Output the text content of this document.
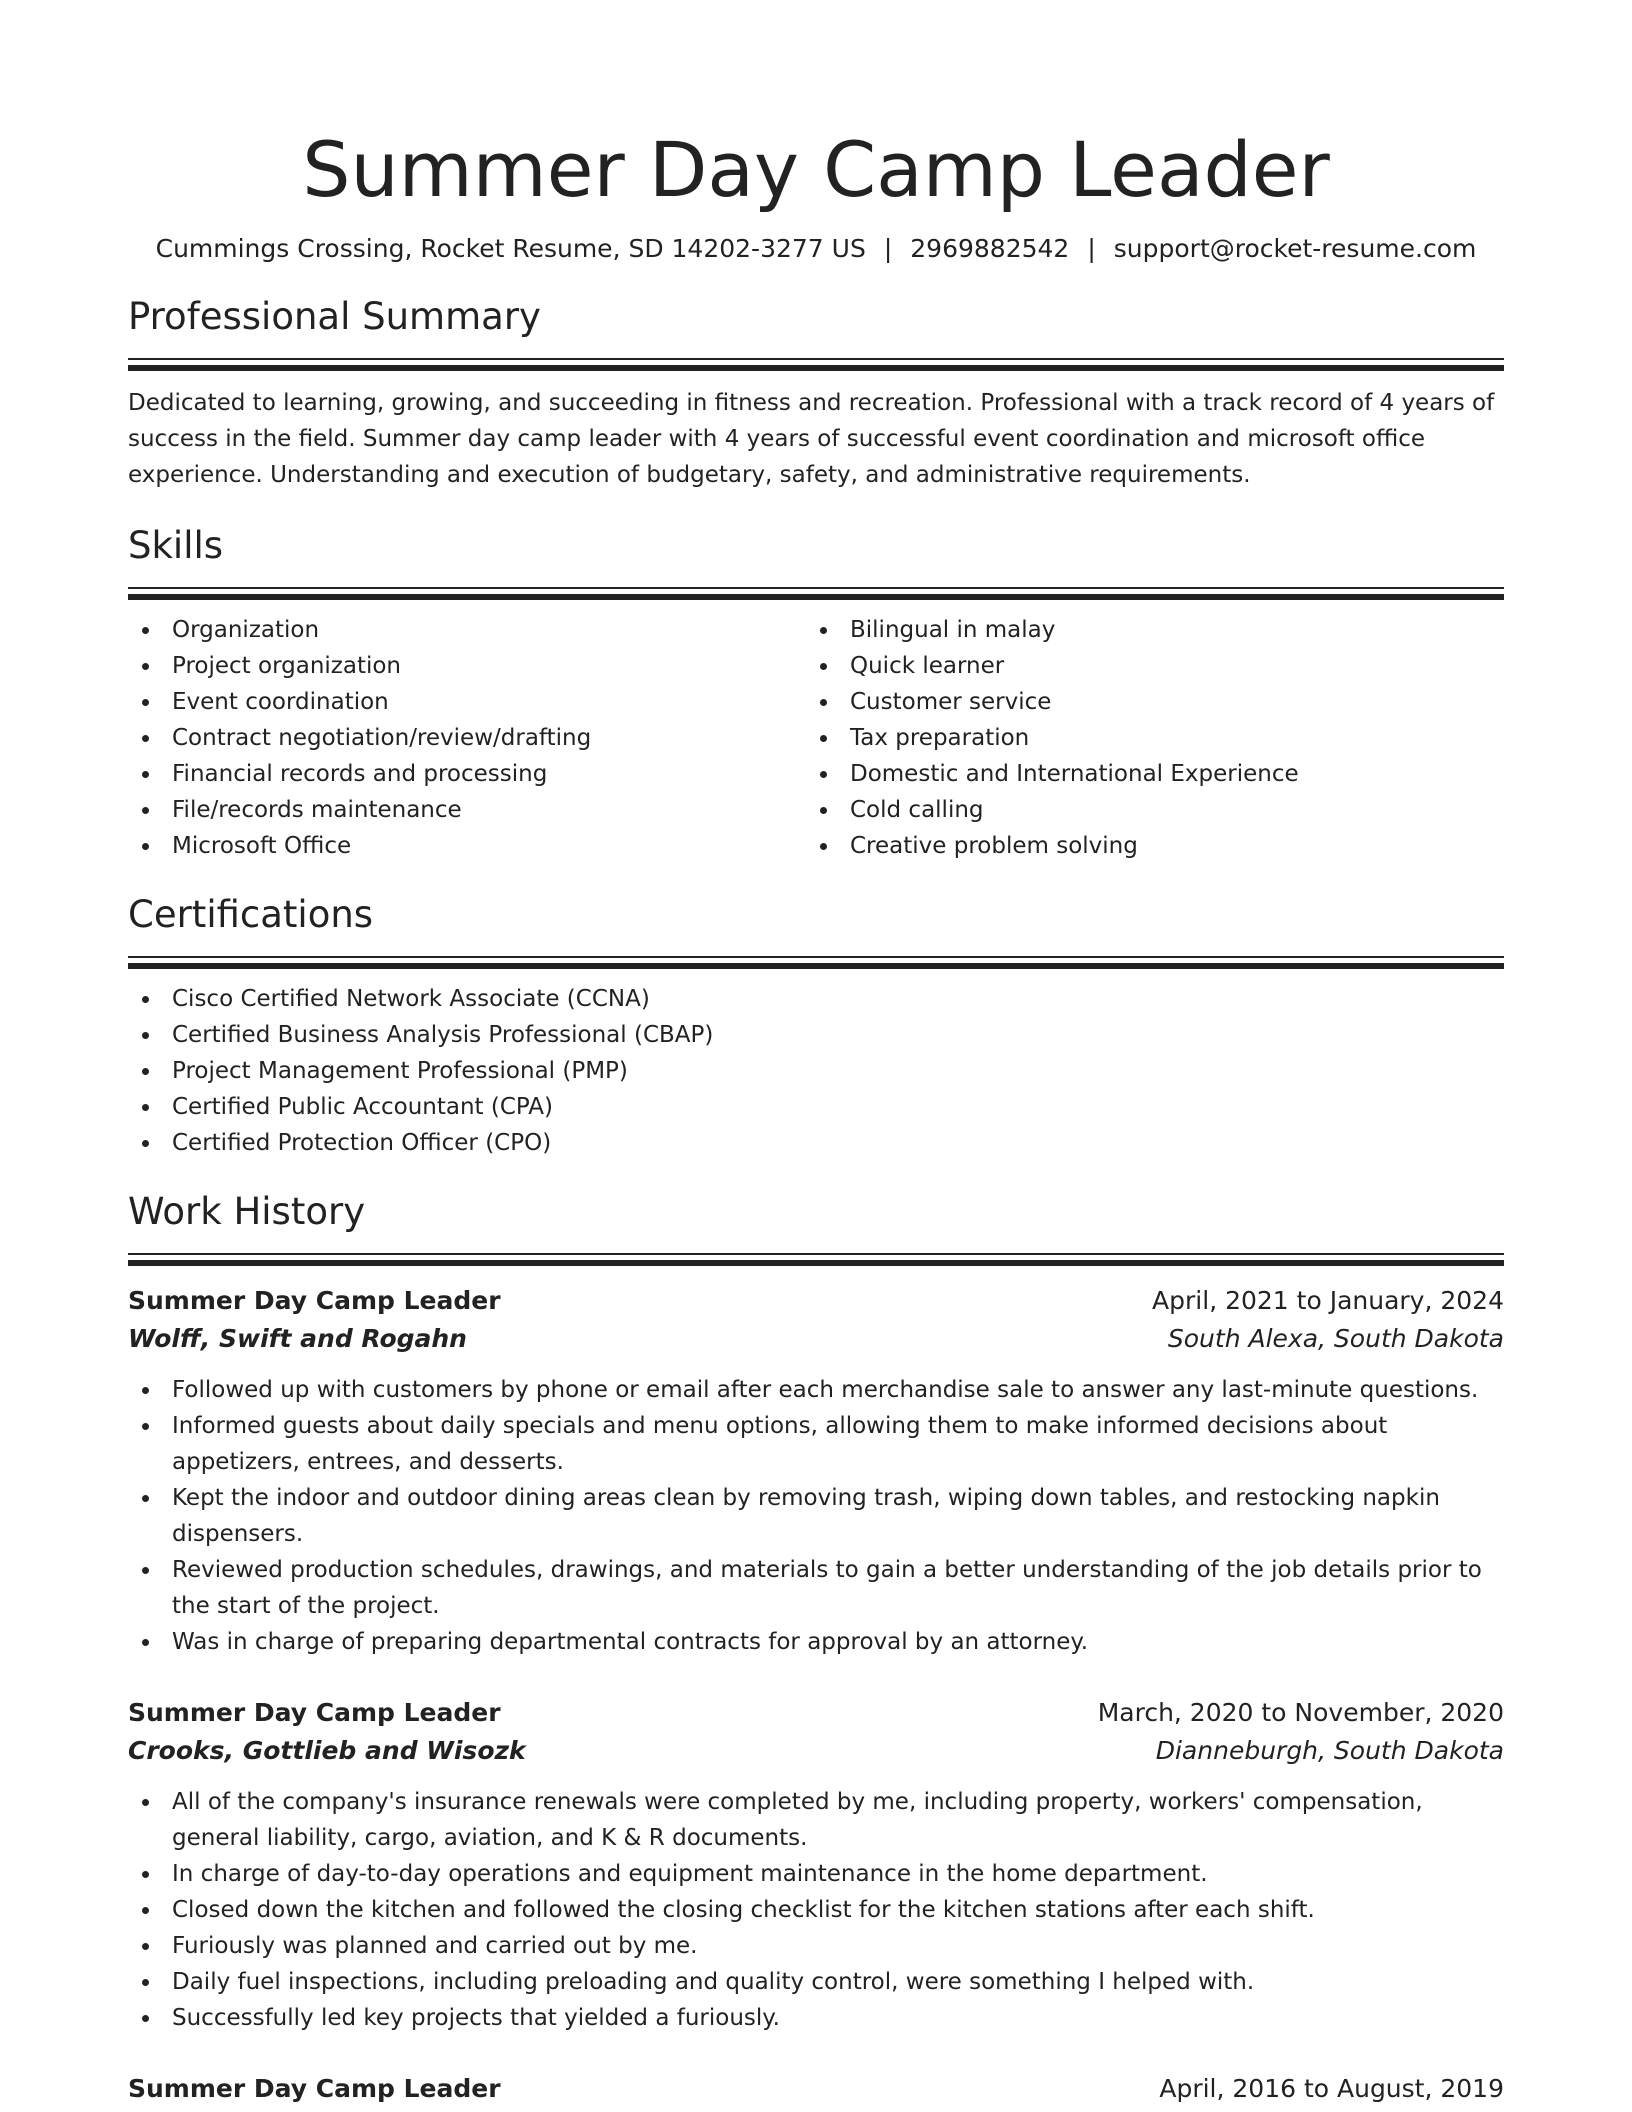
Summer Day Camp Leader
Cummings Crossing, Rocket Resume, SD 14202-3277 US | 2969882542 | support@rocket-resume.com
Professional Summary
Dedicated to learning, growing, and succeeding in fitness and recreation. Professional with a track record of 4 years of success in the field. Summer day camp leader with 4 years of successful event coordination and microsoft office experience. Understanding and execution of budgetary, safety, and administrative requirements.
Skills
Organization
Project organization
Event coordination
Contract negotiation/review/drafting
Financial records and processing
File/records maintenance
Microsoft Office
Bilingual in malay
Quick learner
Customer service
Tax preparation
Domestic and International Experience
Cold calling
Creative problem solving
Certifications
Cisco Certified Network Associate (CCNA)
Certified Business Analysis Professional (CBAP)
Project Management Professional (PMP)
Certified Public Accountant (CPA)
Certified Protection Officer (CPO)
Work History
Summer Day Camp Leader	April, 2021 to January, 2024
Wolff, Swift and Rogahn	South Alexa, South Dakota
Followed up with customers by phone or email after each merchandise sale to answer any last-minute questions.
Informed guests about daily specials and menu options, allowing them to make informed decisions about appetizers, entrees, and desserts.
Kept the indoor and outdoor dining areas clean by removing trash, wiping down tables, and restocking napkin dispensers.
Reviewed production schedules, drawings, and materials to gain a better understanding of the job details prior to the start of the project.
Was in charge of preparing departmental contracts for approval by an attorney.
Summer Day Camp Leader	March, 2020 to November, 2020
Crooks, Gottlieb and Wisozk	Dianneburgh, South Dakota
All of the company's insurance renewals were completed by me, including property, workers' compensation, general liability, cargo, aviation, and K & R documents.
In charge of day-to-day operations and equipment maintenance in the home department.
Closed down the kitchen and followed the closing checklist for the kitchen stations after each shift.
Furiously was planned and carried out by me.
Daily fuel inspections, including preloading and quality control, were something I helped with.
Successfully led key projects that yielded a furiously.
Summer Day Camp Leader	April, 2016 to August, 2019
